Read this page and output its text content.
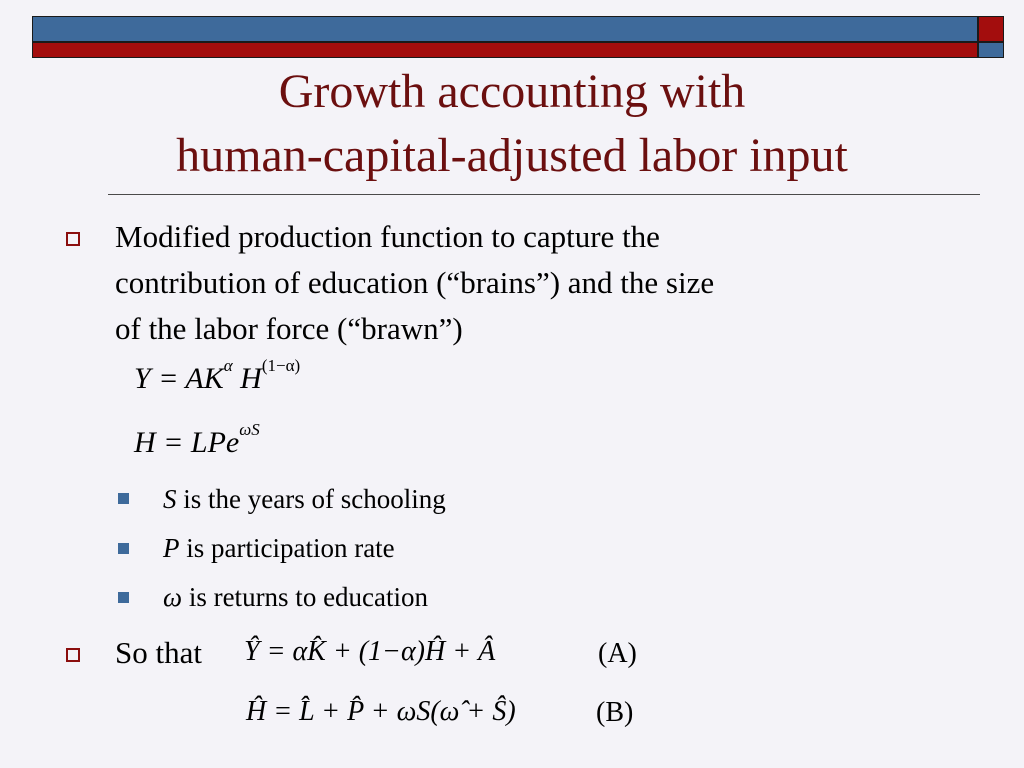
Growth accounting with
human-capital-adjusted labor input
Modified production function to capture the
contribution of education (“brains”) and the size
of the labor force (“brawn”)
$Y = AK^\alpha$ $H^{(1-\alpha)}$
H = LPe$^{\omega S}$
S is the years of schooling
P is participation rate
ω is returns to education
So that Ŷ = αK̂ + (1−α)Ĥ + Â	(A)
Ĥ = L̂ + P̂ + ωS(ω̂ + Ŝ)	(B)
